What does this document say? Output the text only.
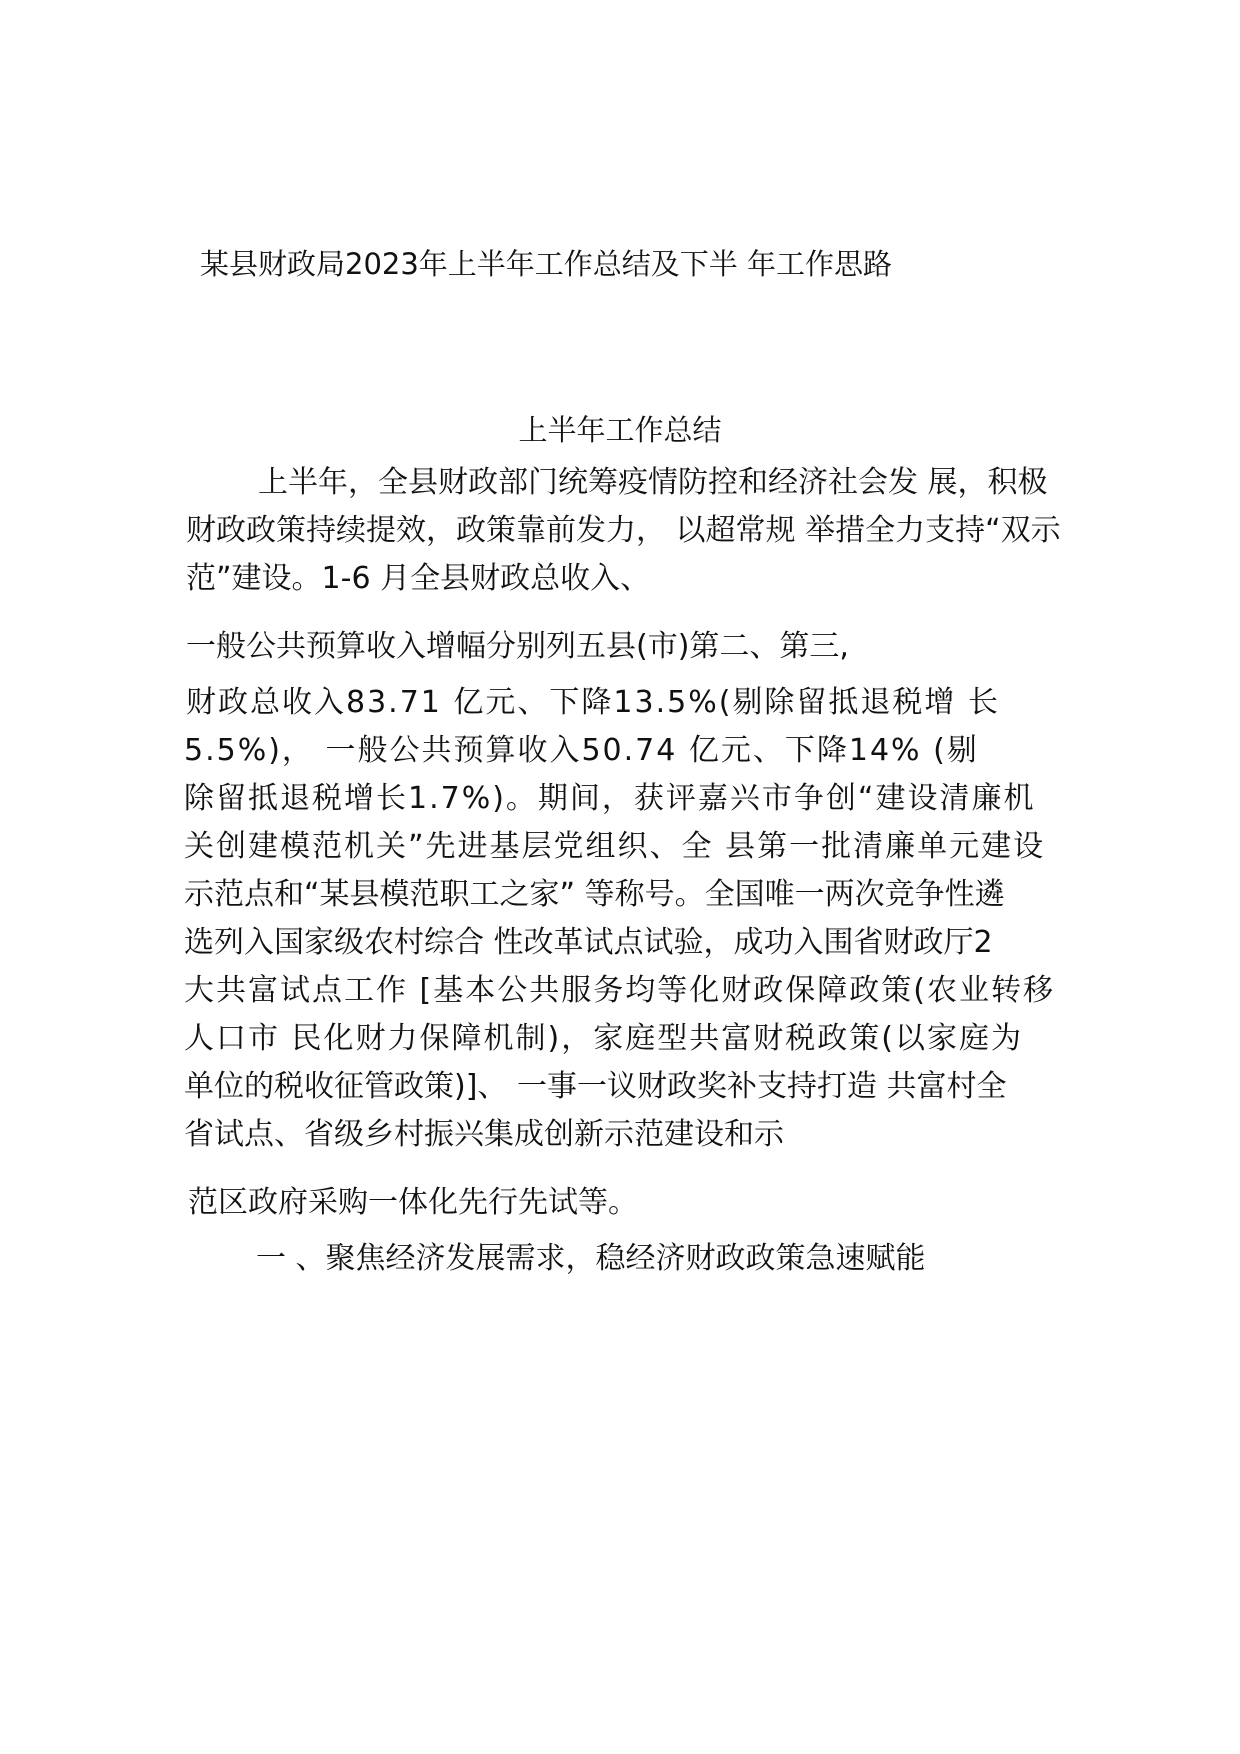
某县财政局2023年上半年工作总结及下半 年工作思路
上半年工作总结
上半年，全县财政部门统筹疫情防控和经济社会发 展，积极
财政政策持续提效，政策靠前发力， 以超常规 举措全力支持“双示
范”建设。1-6 月全县财政总收入、
一般公共预算收入增幅分别列五县(市)第二、第三,
财政总收入83.71 亿元、下降13.5%(剔除留抵退税增 长
5.5%)， 一般公共预算收入50.74 亿元、下降14% (剔
除留抵退税增长1.7%)。期间，获评嘉兴市争创“建设清廉机
关创建模范机关”先进基层党组织、全 县第一批清廉单元建设
示范点和“某县模范职工之家” 等称号。全国唯一两次竞争性遴
选列入国家级农村综合 性改革试点试验，成功入围省财政厅2
大共富试点工作 [基本公共服务均等化财政保障政策(农业转移
人口市 民化财力保障机制)，家庭型共富财税政策(以家庭为
单位的税收征管政策)]、 一事一议财政奖补支持打造 共富村全
省试点、省级乡村振兴集成创新示范建设和示
范区政府采购一体化先行先试等。
一 、聚焦经济发展需求，稳经济财政政策急速赋能
